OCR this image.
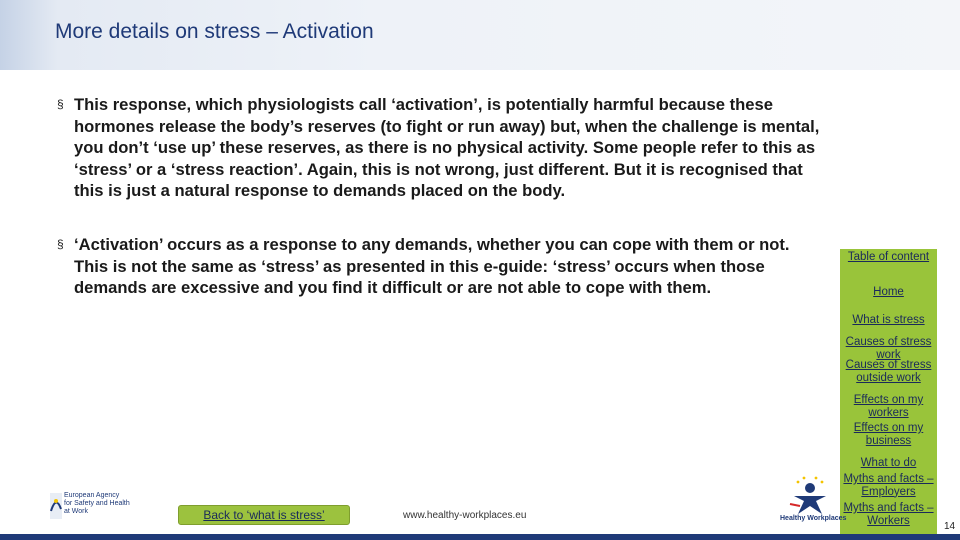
More details on stress – Activation
§ This response, which physiologists call ‘activation’, is potentially harmful because these hormones release the body’s reserves (to fight or run away) but, when the challenge is mental, you don’t ‘use up’ these reserves, as there is no physical activity. Some people refer to this as ‘stress’ or a ‘stress reaction’. Again, this is not wrong, just different. But it is recognised that this is just a natural response to demands placed on the body.
§ ‘Activation’ occurs as a response to any demands, whether you can cope with them or not. This is not the same as ‘stress’ as presented in this e-guide: ‘stress’ occurs when those demands are excessive and you find it difficult or are not able to cope with them.
Table of content
Home
What is stress
Causes of stress work
Causes of stress outside work
Effects on my workers
Effects on my business
What to do
Myths and facts – Employers
Myths and facts – Workers
European Agency
for Safety and Health
at Work	Back to ‘what is stress’	www.healthy-workplaces.eu	Healthy Workplaces
14
